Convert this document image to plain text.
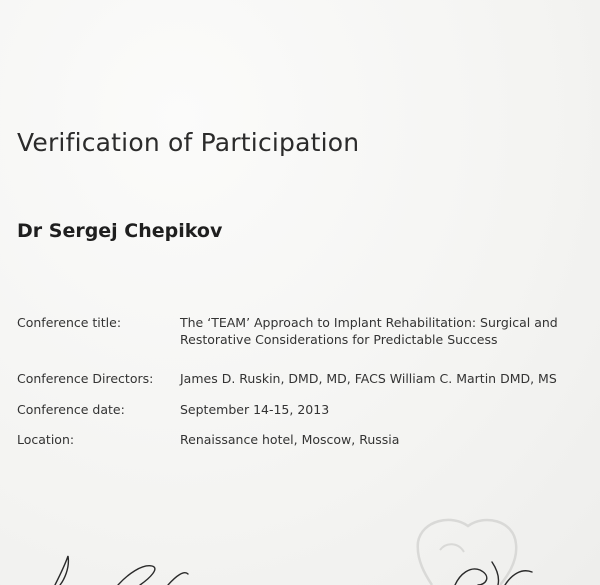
Verification of Participation
Dr Sergej Chepikov
Conference title:	The ‘TEAM’ Approach to Implant Rehabilitation: Surgical and
Restorative Considerations for Predictable Success
Conference Directors:	James D. Ruskin, DMD, MD, FACS William C. Martin DMD, MS
Conference date:	September 14-15, 2013
Location:	Renaissance hotel, Moscow, Russia
